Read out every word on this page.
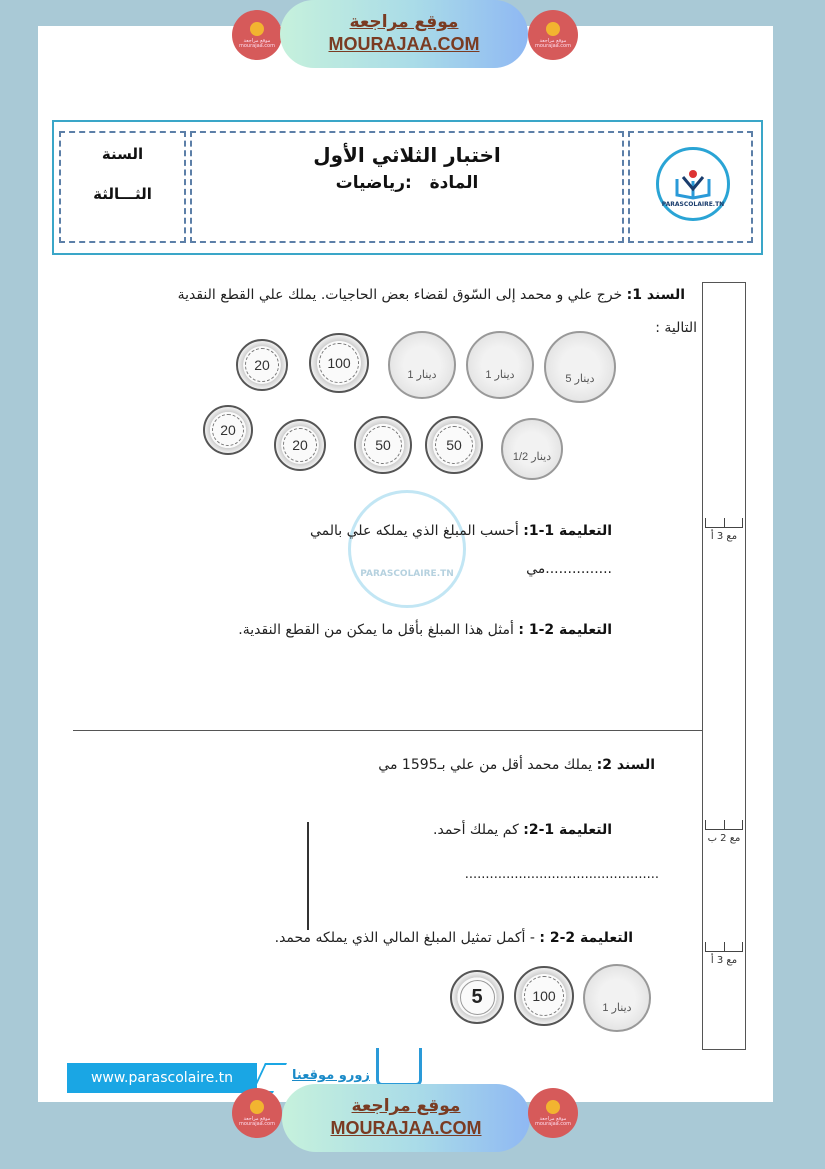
موقع مراجعة
mourajaa.com
موقع مراجعة
MOURAJAA.COM	موقع مراجعة
mourajaa.com
السنة
الثـــالثة
اختبار الثلاثي الأول
المادة   :رياضيات
PARASCOLAIRE.TN
مع 3 أ
مع 2 ب
مع 3 أ
السند 1: خرج علي و محمد إلى السّوق لقضاء بعض الحاجيات. يملك علي القطع النقدية
التالية :
20	100
1 دينار	1 دينار	5 دينار
20
20	50	50
1/2 دينار
PARASCOLAIRE.TN
التعليمة 1-1: أحسب المبلغ الذي يملكه علي بالمي
...............مي
التعليمة 2-1 : أمثل هذا المبلغ بأقل ما يمكن من القطع النقدية.
السند 2: يملك محمد أقل من علي بـ1595 مي
التعليمة 1-2: كم يملك أحمد.
...............................................
التعليمة 2-2 : - أكمل تمثيل المبلغ المالي الذي يملكه محمد.
5	100
1 دينار
www.parascolaire.tn	زورو موقعنا
موقع مراجعة
mourajaa.com
موقع مراجعة
MOURAJAA.COM	موقع مراجعة
mourajaa.com
